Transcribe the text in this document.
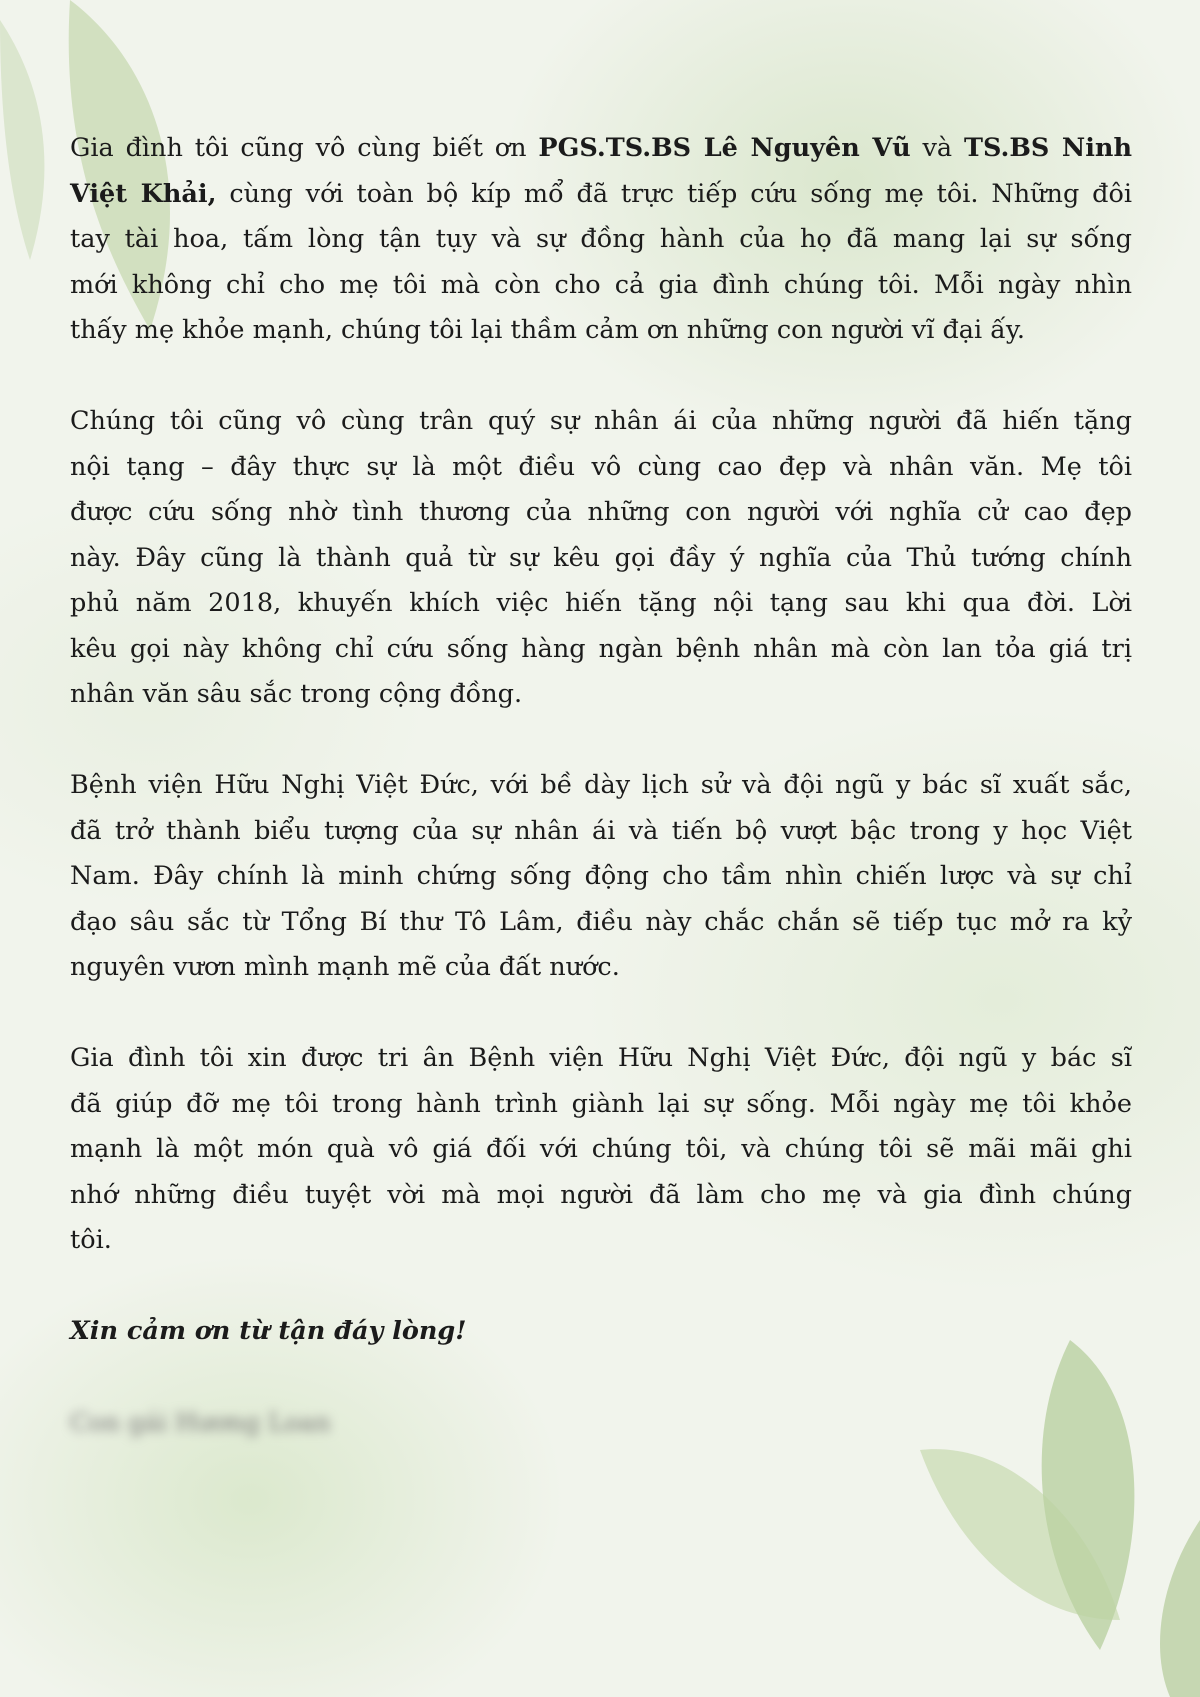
Gia đình tôi cũng vô cùng biết ơn PGS.TS.BS Lê Nguyên Vũ và TS.BS Ninh
Việt Khải, cùng với toàn bộ kíp mổ đã trực tiếp cứu sống mẹ tôi. Những đôi
tay tài hoa, tấm lòng tận tụy và sự đồng hành của họ đã mang lại sự sống
mới không chỉ cho mẹ tôi mà còn cho cả gia đình chúng tôi. Mỗi ngày nhìn
thấy mẹ khỏe mạnh, chúng tôi lại thầm cảm ơn những con người vĩ đại ấy.
Chúng tôi cũng vô cùng trân quý sự nhân ái của những người đã hiến tặng
nội tạng – đây thực sự là một điều vô cùng cao đẹp và nhân văn. Mẹ tôi
được cứu sống nhờ tình thương của những con người với nghĩa cử cao đẹp
này. Đây cũng là thành quả từ sự kêu gọi đầy ý nghĩa của Thủ tướng chính
phủ năm 2018, khuyến khích việc hiến tặng nội tạng sau khi qua đời. Lời
kêu gọi này không chỉ cứu sống hàng ngàn bệnh nhân mà còn lan tỏa giá trị
nhân văn sâu sắc trong cộng đồng.
Bệnh viện Hữu Nghị Việt Đức, với bề dày lịch sử và đội ngũ y bác sĩ xuất sắc,
đã trở thành biểu tượng của sự nhân ái và tiến bộ vượt bậc trong y học Việt
Nam. Đây chính là minh chứng sống động cho tầm nhìn chiến lược và sự chỉ
đạo sâu sắc từ Tổng Bí thư Tô Lâm, điều này chắc chắn sẽ tiếp tục mở ra kỷ
nguyên vươn mình mạnh mẽ của đất nước.
Gia đình tôi xin được tri ân Bệnh viện Hữu Nghị Việt Đức, đội ngũ y bác sĩ
đã giúp đỡ mẹ tôi trong hành trình giành lại sự sống. Mỗi ngày mẹ tôi khỏe
mạnh là một món quà vô giá đối với chúng tôi, và chúng tôi sẽ mãi mãi ghi
nhớ những điều tuyệt vời mà mọi người đã làm cho mẹ và gia đình chúng
tôi.
Xin cảm ơn từ tận đáy lòng!
Con gái Hương Loan
